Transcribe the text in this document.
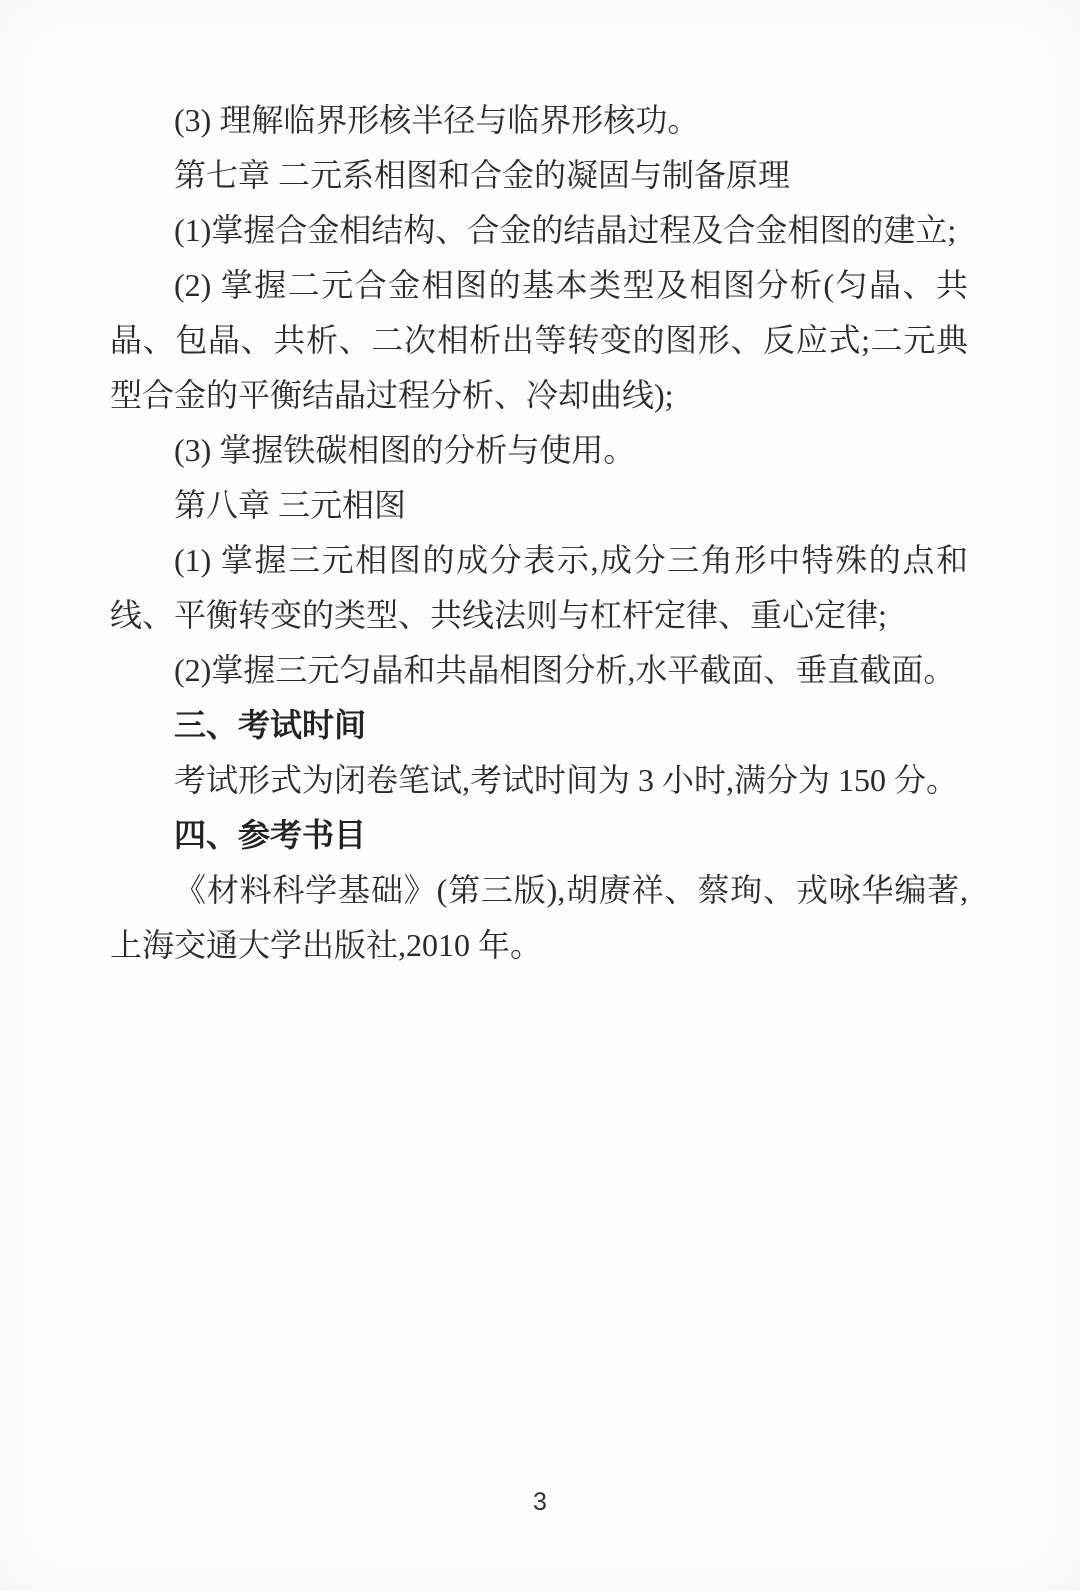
(3) 理解临界形核半径与临界形核功。

第七章 二元系相图和合金的凝固与制备原理

(1)掌握合金相结构、合金的结晶过程及合金相图的建立;

(2) 掌握二元合金相图的基本类型及相图分析(匀晶、共晶、包晶、共析、二次相析出等转变的图形、反应式;二元典型合金的平衡结晶过程分析、冷却曲线);

(3) 掌握铁碳相图的分析与使用。

第八章 三元相图

(1) 掌握三元相图的成分表示,成分三角形中特殊的点和线、平衡转变的类型、共线法则与杠杆定律、重心定律;

(2)掌握三元匀晶和共晶相图分析,水平截面、垂直截面。

三、考试时间

考试形式为闭卷笔试,考试时间为 3 小时,满分为 150 分。

四、参考书目

《材料科学基础》(第三版),胡赓祥、蔡珣、戎咏华编著,上海交通大学出版社,2010 年。

3
